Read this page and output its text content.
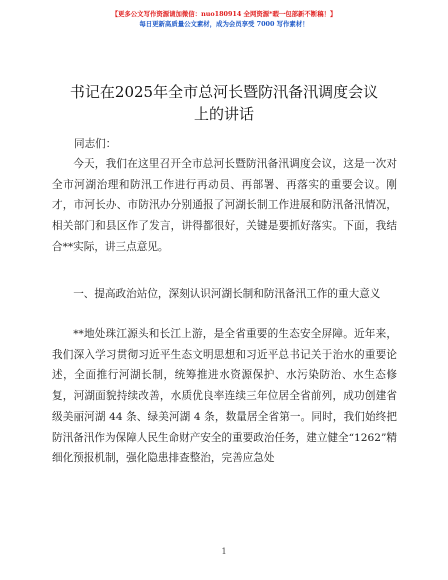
【更多公文写作资源请加微信：nuo180914 全网资源*暇一包部新不断稿！】
每日更新高质量公文素材，成为会员享受 7000 写作素材！
书记在2025年全市总河长暨防汛备汛调度会议
上的讲话
同志们：

今天，我们在这里召开全市总河长暨防汛备汛调度会议，这是一次对全市河湖治理和防汛工作进行再动员、再部署、再落实的重要会议。刚才，市河长办、市防汛办分别通报了河湖长制工作进展和防汛备汛情况，相关部门和县区作了发言，讲得都很好，关键是要抓好落实。下面，我结合**实际，讲三点意见。

一、提高政治站位，深刻认识河湖长制和防汛备汛工作的重大意义

**地处珠江源头和长江上游，是全省重要的生态安全屏障。近年来，我们深入学习贯彻习近平生态文明思想和习近平总书记关于治水的重要论述，全面推行河湖长制，统筹推进水资源保护、水污染防治、水生态修复，河湖面貌持续改善，水质优良率连续三年位居全省前列，成功创建省级美丽河湖 44 条、绿美河湖 4 条，数量居全省第一。同时，我们始终把防汛备汛作为保障人民生命财产安全的重要政治任务，建立健全“1262”精细化预报机制，强化隐患排查整治，完善应急处

1
